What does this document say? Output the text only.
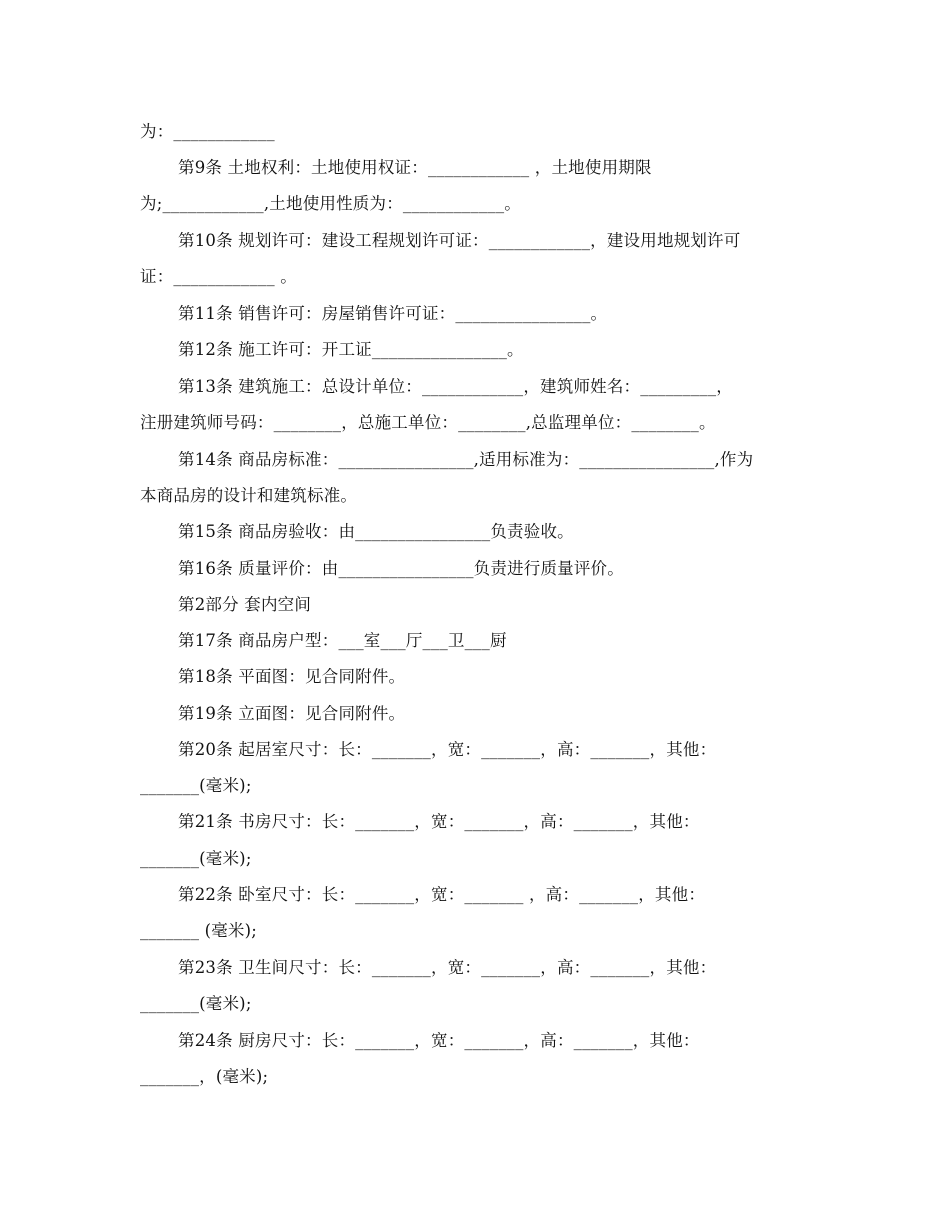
为：____________
第9条 土地权利：土地使用权证：____________ ，土地使用期限
为;____________,土地使用性质为：____________。
第10条 规划许可：建设工程规划许可证：____________，建设用地规划许可
证：____________ 。
第11条 销售许可：房屋销售许可证：________________。
第12条 施工许可：开工证________________。
第13条 建筑施工：总设计单位：____________，建筑师姓名：_________，
注册建筑师号码：________，总施工单位：________,总监理单位：________。
第14条 商品房标准：________________,适用标准为：________________,作为
本商品房的设计和建筑标准。
第15条 商品房验收：由________________负责验收。
第16条 质量评价：由________________负责进行质量评价。
第2部分 套内空间
第17条 商品房户型：___室___厅___卫___厨
第18条 平面图：见合同附件。
第19条 立面图：见合同附件。
第20条 起居室尺寸：长：_______，宽：_______，高：_______，其他：
_______(毫米);
第21条 书房尺寸：长：_______，宽：_______，高：_______，其他：
_______(毫米);
第22条 卧室尺寸：长：_______，宽：_______ ，高：_______，其他：
_______ (毫米);
第23条 卫生间尺寸：长：_______，宽：_______，高：_______，其他：
_______(毫米);
第24条 厨房尺寸：长：_______，宽：_______，高：_______，其他：
_______，(毫米);
